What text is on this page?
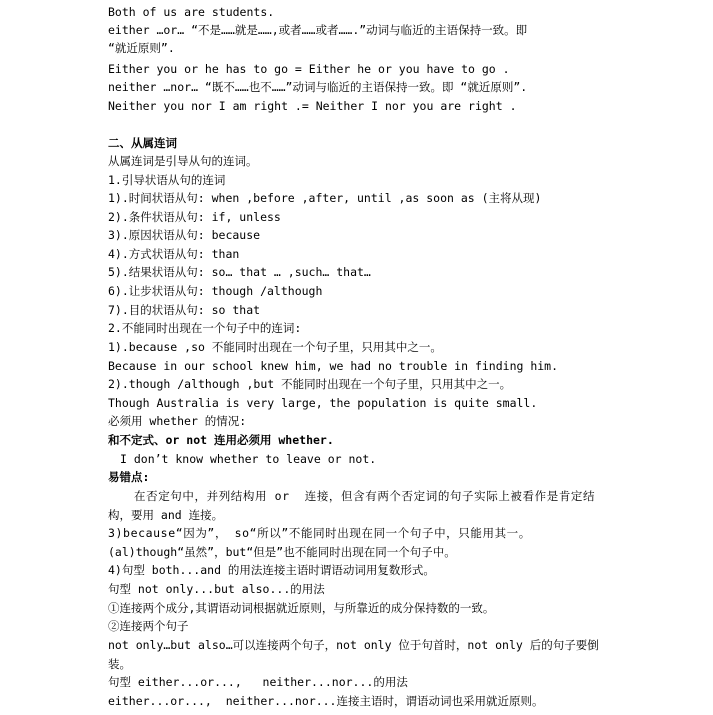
Both of us are students.
either …or… “不是……就是……,或者……或者…….”动词与临近的主语保持一致。即
“就近原则”.
Either you or he has to go = Either he or you have to go .
neither …nor… “既不……也不……”动词与临近的主语保持一致。即 “就近原则”.
Neither you nor I am right .= Neither I nor you are right .
二、从属连词
从属连词是引导从句的连词。
1.引导状语从句的连词
1).时间状语从句: when ,before ,after, until ,as soon as (主将从现)
2).条件状语从句: if, unless
3).原因状语从句: because
4).方式状语从句: than
5).结果状语从句: so… that … ,such… that…
6).让步状语从句: though /although
7).目的状语从句: so that
2.不能同时出现在一个句子中的连词:
1).because ,so 不能同时出现在一个句子里，只用其中之一。
Because in our school knew him, we had no trouble in finding him.
2).though /although ,but 不能同时出现在一个句子里，只用其中之一。
Though Australia is very large, the population is quite small.
必须用 whether 的情况:
和不定式、or not 连用必须用 whether.
I don’t know whether to leave or not.
易错点:
在否定句中，并列结构用 or  连接，但含有两个否定词的句子实际上被看作是肯定结
构，要用 and 连接。
3)because“因为”， so“所以”不能同时出现在同一个句子中，只能用其一。
(al)though“虽然”，but“但是”也不能同时出现在同一个句子中。
4)句型 both...and 的用法连接主语时谓语动词用复数形式。
句型 not only...but also...的用法
①连接两个成分,其谓语动词根据就近原则，与所靠近的成分保持数的一致。
②连接两个句子
not only…but also…可以连接两个句子，not only 位于句首时，not only 后的句子要倒
装。
句型 either...or...,   neither...nor...的用法
either...or...,  neither...nor...连接主语时，谓语动词也采用就近原则。
